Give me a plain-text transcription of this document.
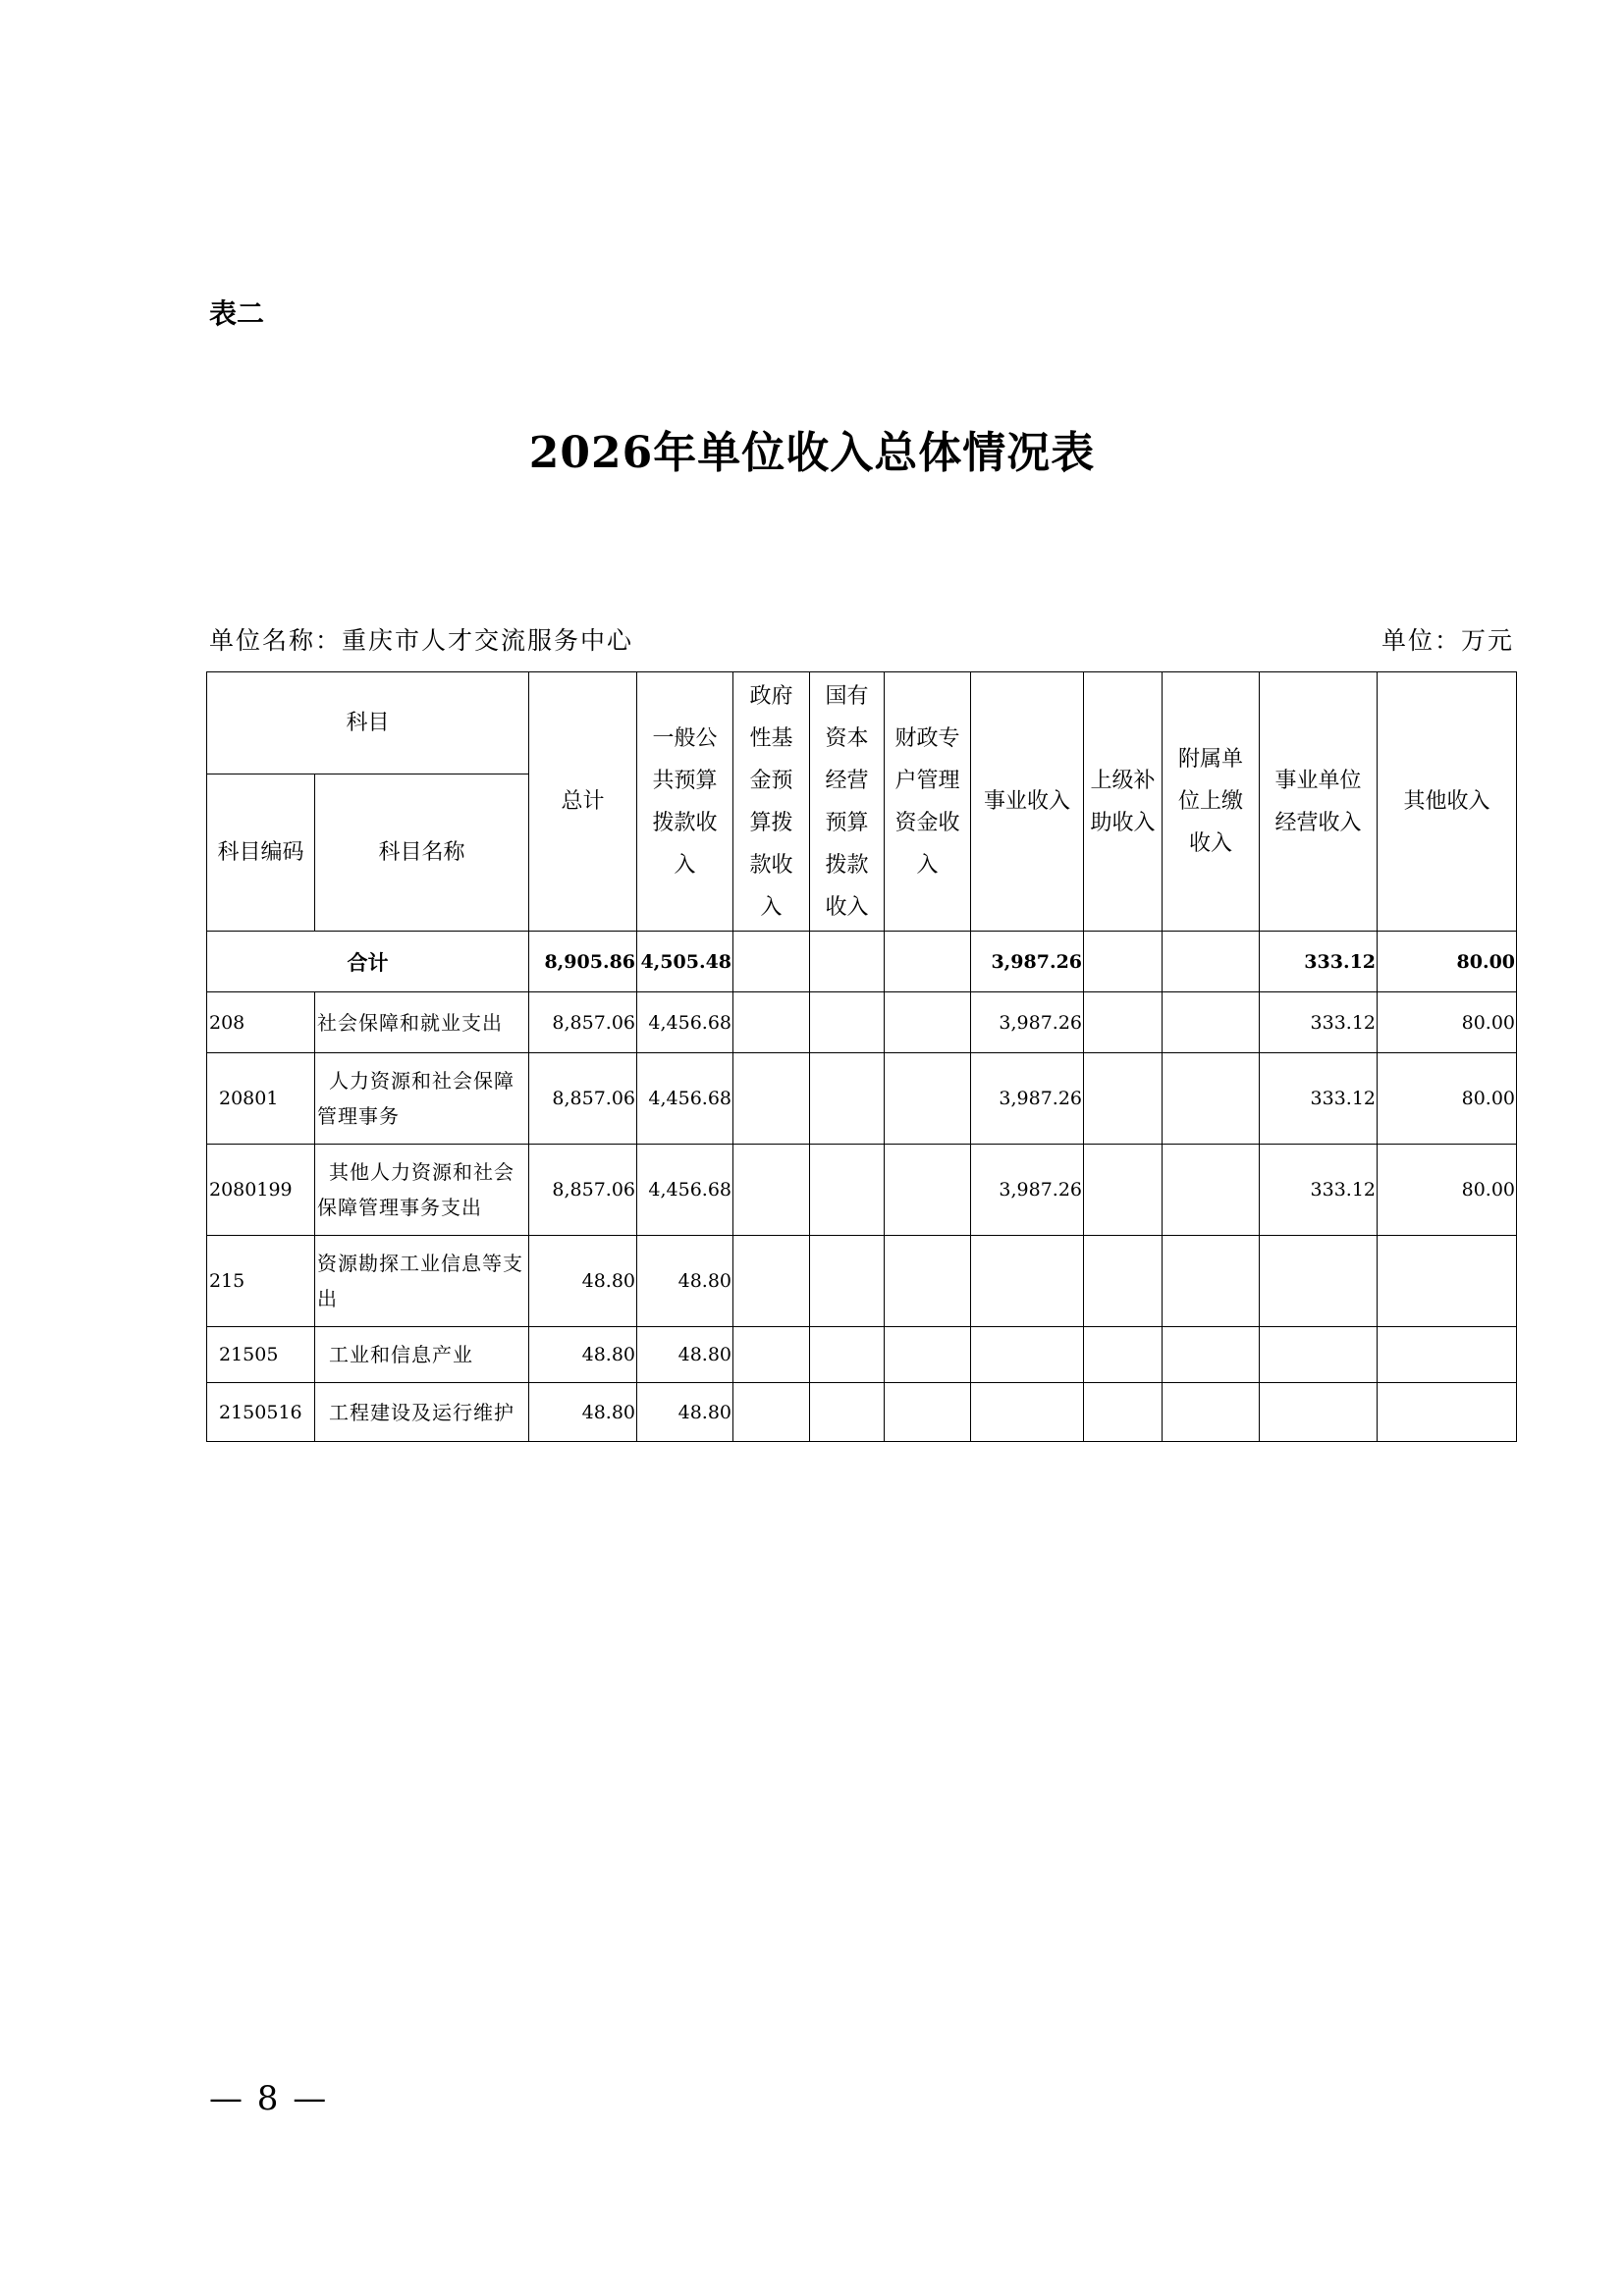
表二
2026年单位收入总体情况表
单位名称：重庆市人才交流服务中心	单位：万元
科目		总计	一般公共预算拨款收入	政府性基金预算拨款收入	国有资本经营预算拨款收入	财政专户管理资金收入	事业收入	上级补助收入	附属单位上缴收入	事业单位经营收入	其他收入
科目编码	科目名称										
合计		8,905.86	4,505.48				3,987.26			333.12	80.00
208	社会保障和就业支出	8,857.06	4,456.68				3,987.26			333.12	80.00
20801	人力资源和社会保障管理事务	8,857.06	4,456.68				3,987.26			333.12	80.00
2080199	其他人力资源和社会保障管理事务支出	8,857.06	4,456.68				3,987.26			333.12	80.00
215	资源勘探工业信息等支出	48.80	48.80								
21505	工业和信息产业	48.80	48.80								
2150516	工程建设及运行维护	48.80	48.80								
— 8 —
